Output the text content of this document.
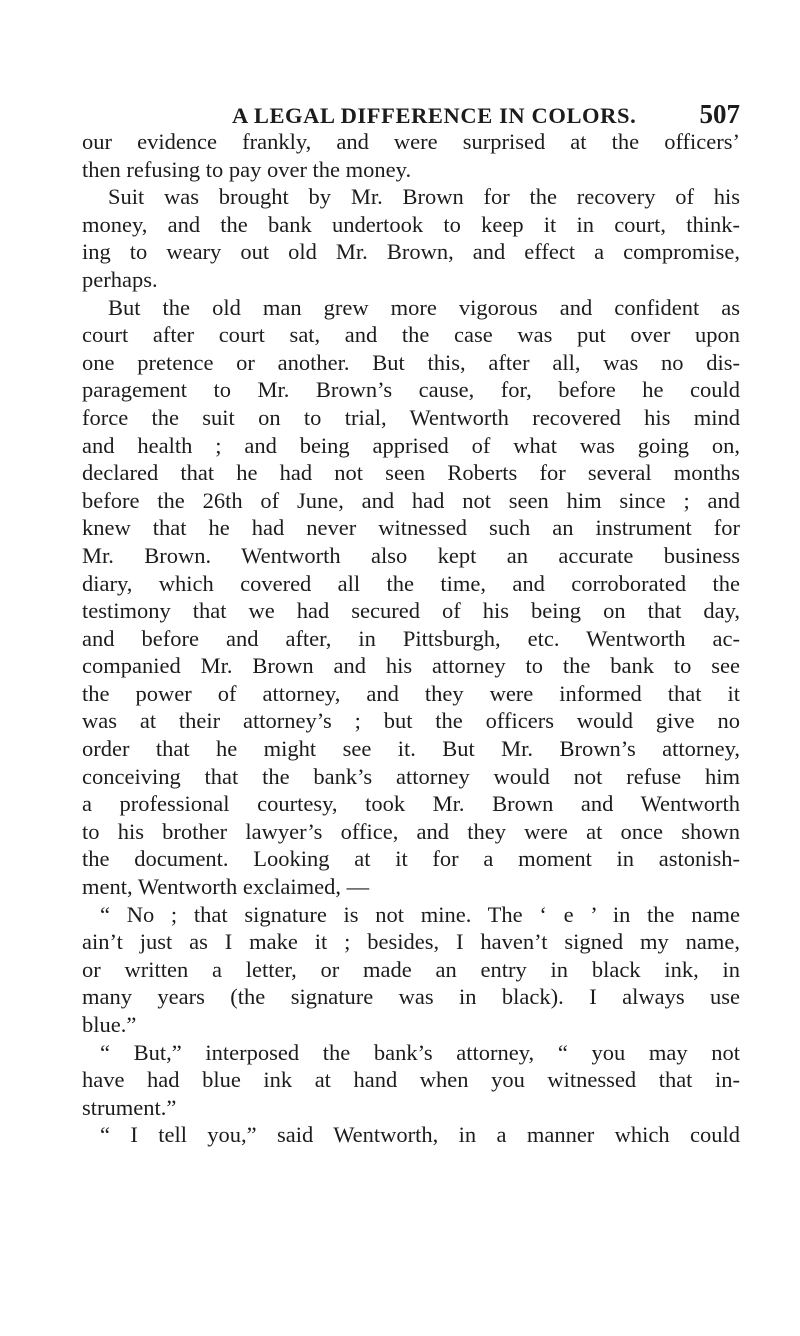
A LEGAL DIFFERENCE IN COLORS. 507
our evidence frankly, and were surprised at the officers’
then refusing to pay over the money.
Suit was brought by Mr. Brown for the recovery of his
money, and the bank undertook to keep it in court, think-
ing to weary out old Mr. Brown, and effect a compromise,
perhaps.
But the old man grew more vigorous and confident as
court after court sat, and the case was put over upon
one pretence or another. But this, after all, was no dis-
paragement to Mr. Brown’s cause, for, before he could
force the suit on to trial, Wentworth recovered his mind
and health ; and being apprised of what was going on,
declared that he had not seen Roberts for several months
before the 26th of June, and had not seen him since ; and
knew that he had never witnessed such an instrument for
Mr. Brown. Wentworth also kept an accurate business
diary, which covered all the time, and corroborated the
testimony that we had secured of his being on that day,
and before and after, in Pittsburgh, etc. Wentworth ac-
companied Mr. Brown and his attorney to the bank to see
the power of attorney, and they were informed that it
was at their attorney’s ; but the officers would give no
order that he might see it. But Mr. Brown’s attorney,
conceiving that the bank’s attorney would not refuse him
a professional courtesy, took Mr. Brown and Wentworth
to his brother lawyer’s office, and they were at once shown
the document. Looking at it for a moment in astonish-
ment, Wentworth exclaimed, —
“ No ; that signature is not mine. The ‘ e ’ in the name
ain’t just as I make it ; besides, I haven’t signed my name,
or written a letter, or made an entry in black ink, in
many years (the signature was in black). I always use
blue.”
“ But,” interposed the bank’s attorney, “ you may not
have had blue ink at hand when you witnessed that in-
strument.”
“ I tell you,” said Wentworth, in a manner which could
